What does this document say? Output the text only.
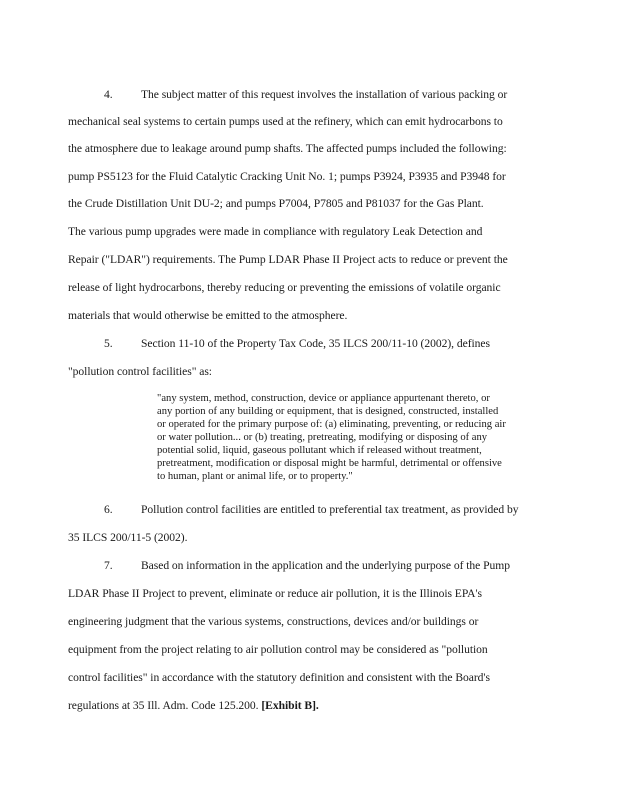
4. The subject matter of this request involves the installation of various packing or
mechanical seal systems to certain pumps used at the refinery, which can emit hydrocarbons to
the atmosphere due to leakage around pump shafts. The affected pumps included the following:
pump PS5123 for the Fluid Catalytic Cracking Unit No. 1; pumps P3924, P3935 and P3948 for
the Crude Distillation Unit DU-2; and pumps P7004, P7805 and P81037 for the Gas Plant.
The various pump upgrades were made in compliance with regulatory Leak Detection and
Repair ("LDAR") requirements. The Pump LDAR Phase II Project acts to reduce or prevent the
release of light hydrocarbons, thereby reducing or preventing the emissions of volatile organic
materials that would otherwise be emitted to the atmosphere.
5. Section 11-10 of the Property Tax Code, 35 ILCS 200/11-10 (2002), defines
"pollution control facilities" as:
"any system, method, construction, device or appliance appurtenant thereto, or
any portion of any building or equipment, that is designed, constructed, installed
or operated for the primary purpose of: (a) eliminating, preventing, or reducing air
or water pollution... or (b) treating, pretreating, modifying or disposing of any
potential solid, liquid, gaseous pollutant which if released without treatment,
pretreatment, modification or disposal might be harmful, detrimental or offensive
to human, plant or animal life, or to property."
6. Pollution control facilities are entitled to preferential tax treatment, as provided by
35 ILCS 200/11-5 (2002).
7. Based on information in the application and the underlying purpose of the Pump
LDAR Phase II Project to prevent, eliminate or reduce air pollution, it is the Illinois EPA's
engineering judgment that the various systems, constructions, devices and/or buildings or
equipment from the project relating to air pollution control may be considered as "pollution
control facilities" in accordance with the statutory definition and consistent with the Board's
regulations at 35 Ill. Adm. Code 125.200. [Exhibit B].
